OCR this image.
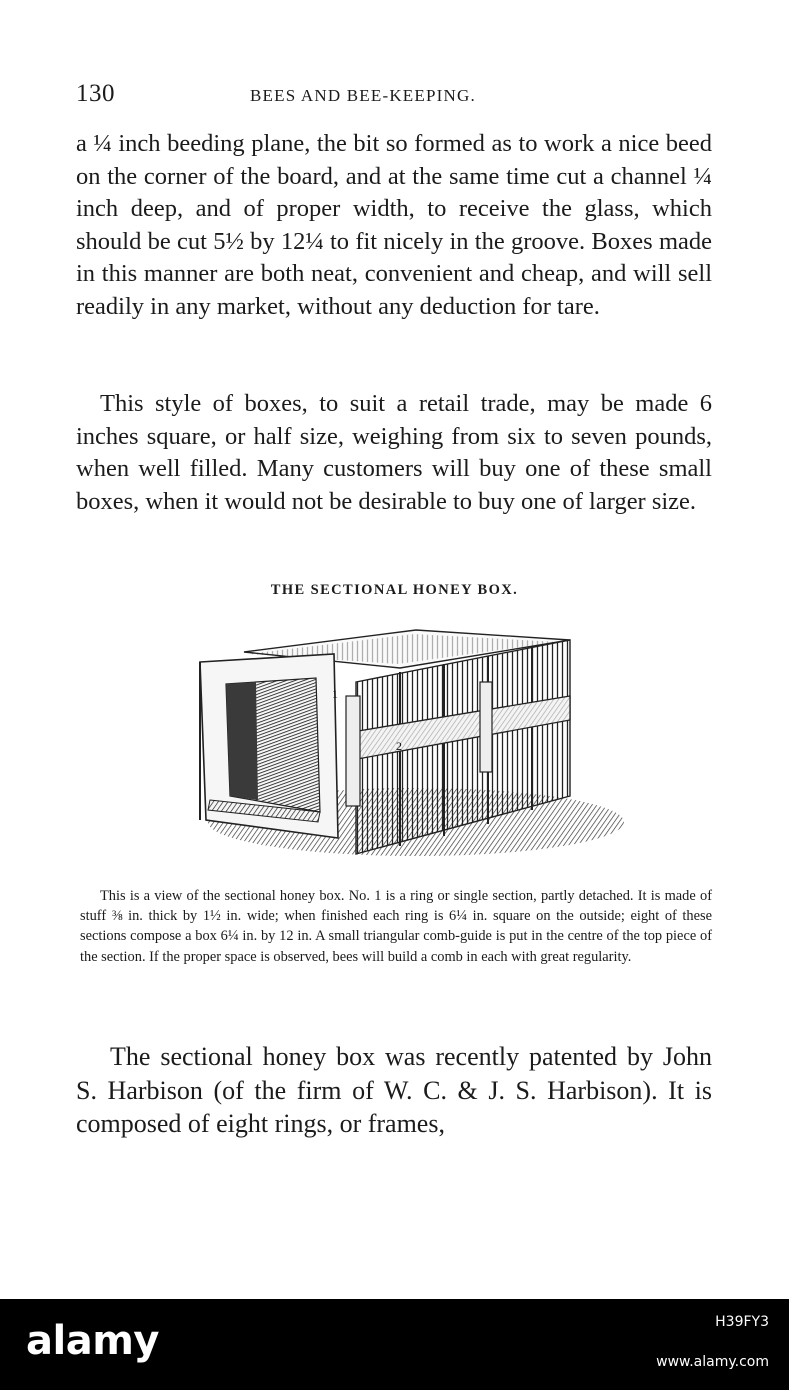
130	BEES AND BEE-KEEPING.

a ¼ inch beeding plane, the bit so formed as to work a nice beed on the corner of the board, and at the same time cut a channel ¼ inch deep, and of proper width, to receive the glass, which should be cut 5½ by 12¼ to fit nicely in the groove. Boxes made in this manner are both neat, convenient and cheap, and will sell readily in any market, without any deduction for tare.

This style of boxes, to suit a retail trade, may be made 6 inches square, or half size, weighing from six to seven pounds, when well filled. Many customers will buy one of these small boxes, when it would not be desirable to buy one of larger size.

THE SECTIONAL HONEY BOX.
1
2

This is a view of the sectional honey box. No. 1 is a ring or single section, partly detached. It is made of stuff ⅜ in. thick by 1½ in. wide; when finished each ring is 6¼ in. square on the outside; eight of these sections compose a box 6¼ in. by 12 in. A small triangular comb-guide is put in the centre of the top piece of the section. If the proper space is observed, bees will build a comb in each with great regularity.

The sectional honey box was recently patented by John S. Harbison (of the firm of W. C. & J. S. Harbison). It is composed of eight rings, or frames,

alamy	H39FY3
www.alamy.com
